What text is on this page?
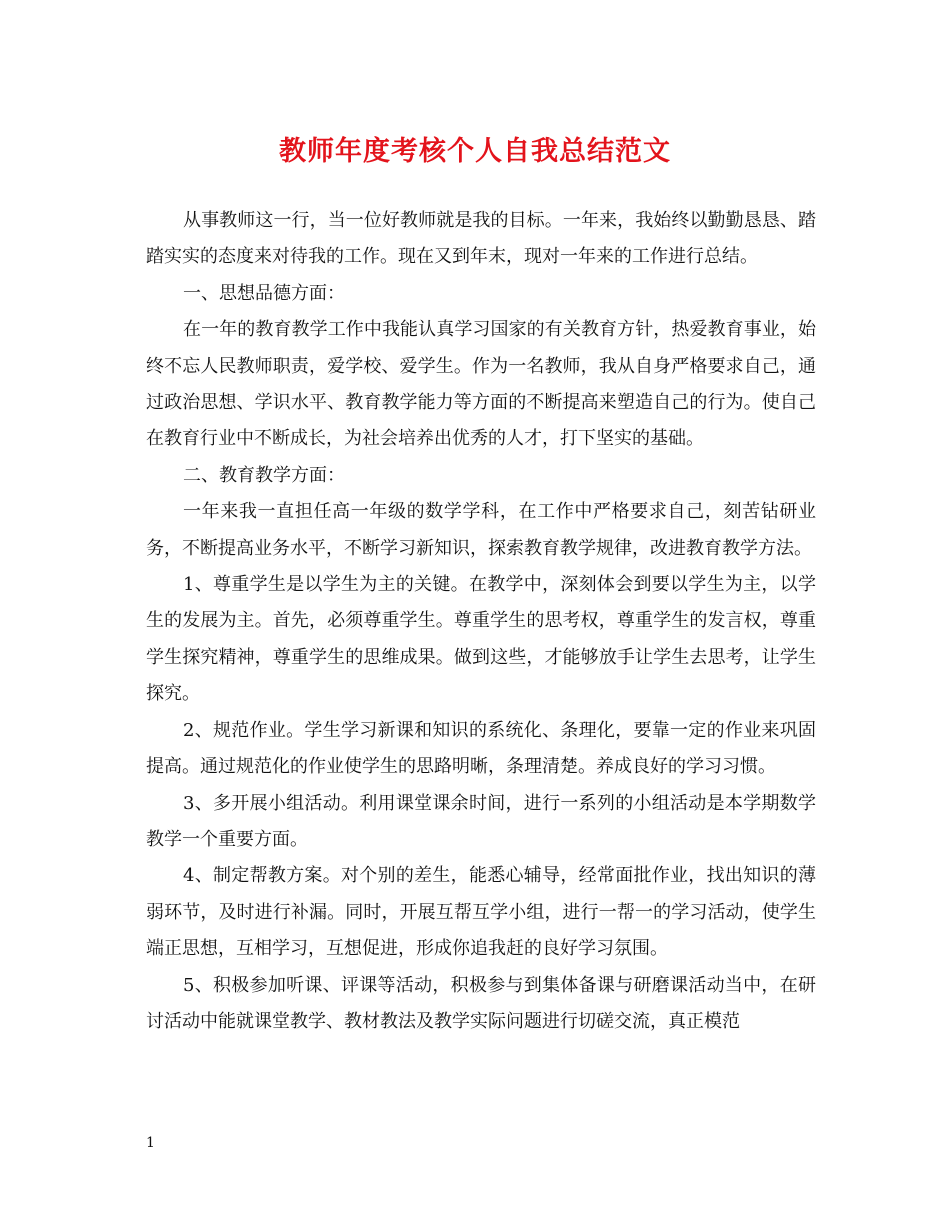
教师年度考核个人自我总结范文

从事教师这一行，当一位好教师就是我的目标。一年来，我始终以勤勤恳恳、踏踏实实的态度来对待我的工作。现在又到年末，现对一年来的工作进行总结。

一、思想品德方面：

在一年的教育教学工作中我能认真学习国家的有关教育方针，热爱教育事业，始终不忘人民教师职责，爱学校、爱学生。作为一名教师，我从自身严格要求自己，通过政治思想、学识水平、教育教学能力等方面的不断提高来塑造自己的行为。使自己在教育行业中不断成长，为社会培养出优秀的人才，打下坚实的基础。

二、教育教学方面：

一年来我一直担任高一年级的数学学科，在工作中严格要求自己，刻苦钻研业务，不断提高业务水平，不断学习新知识，探索教育教学规律，改进教育教学方法。

1、尊重学生是以学生为主的关键。在教学中，深刻体会到要以学生为主，以学生的发展为主。首先，必须尊重学生。尊重学生的思考权，尊重学生的发言权，尊重学生探究精神，尊重学生的思维成果。做到这些，才能够放手让学生去思考，让学生探究。

2、规范作业。学生学习新课和知识的系统化、条理化，要靠一定的作业来巩固提高。通过规范化的作业使学生的思路明晰，条理清楚。养成良好的学习习惯。

3、多开展小组活动。利用课堂课余时间，进行一系列的小组活动是本学期数学教学一个重要方面。

4、制定帮教方案。对个别的差生，能悉心辅导，经常面批作业，找出知识的薄弱环节，及时进行补漏。同时，开展互帮互学小组，进行一帮一的学习活动，使学生端正思想，互相学习，互想促进，形成你追我赶的良好学习氛围。

5、积极参加听课、评课等活动，积极参与到集体备课与研磨课活动当中，在研讨活动中能就课堂教学、教材教法及教学实际问题进行切磋交流，真正模范

1
